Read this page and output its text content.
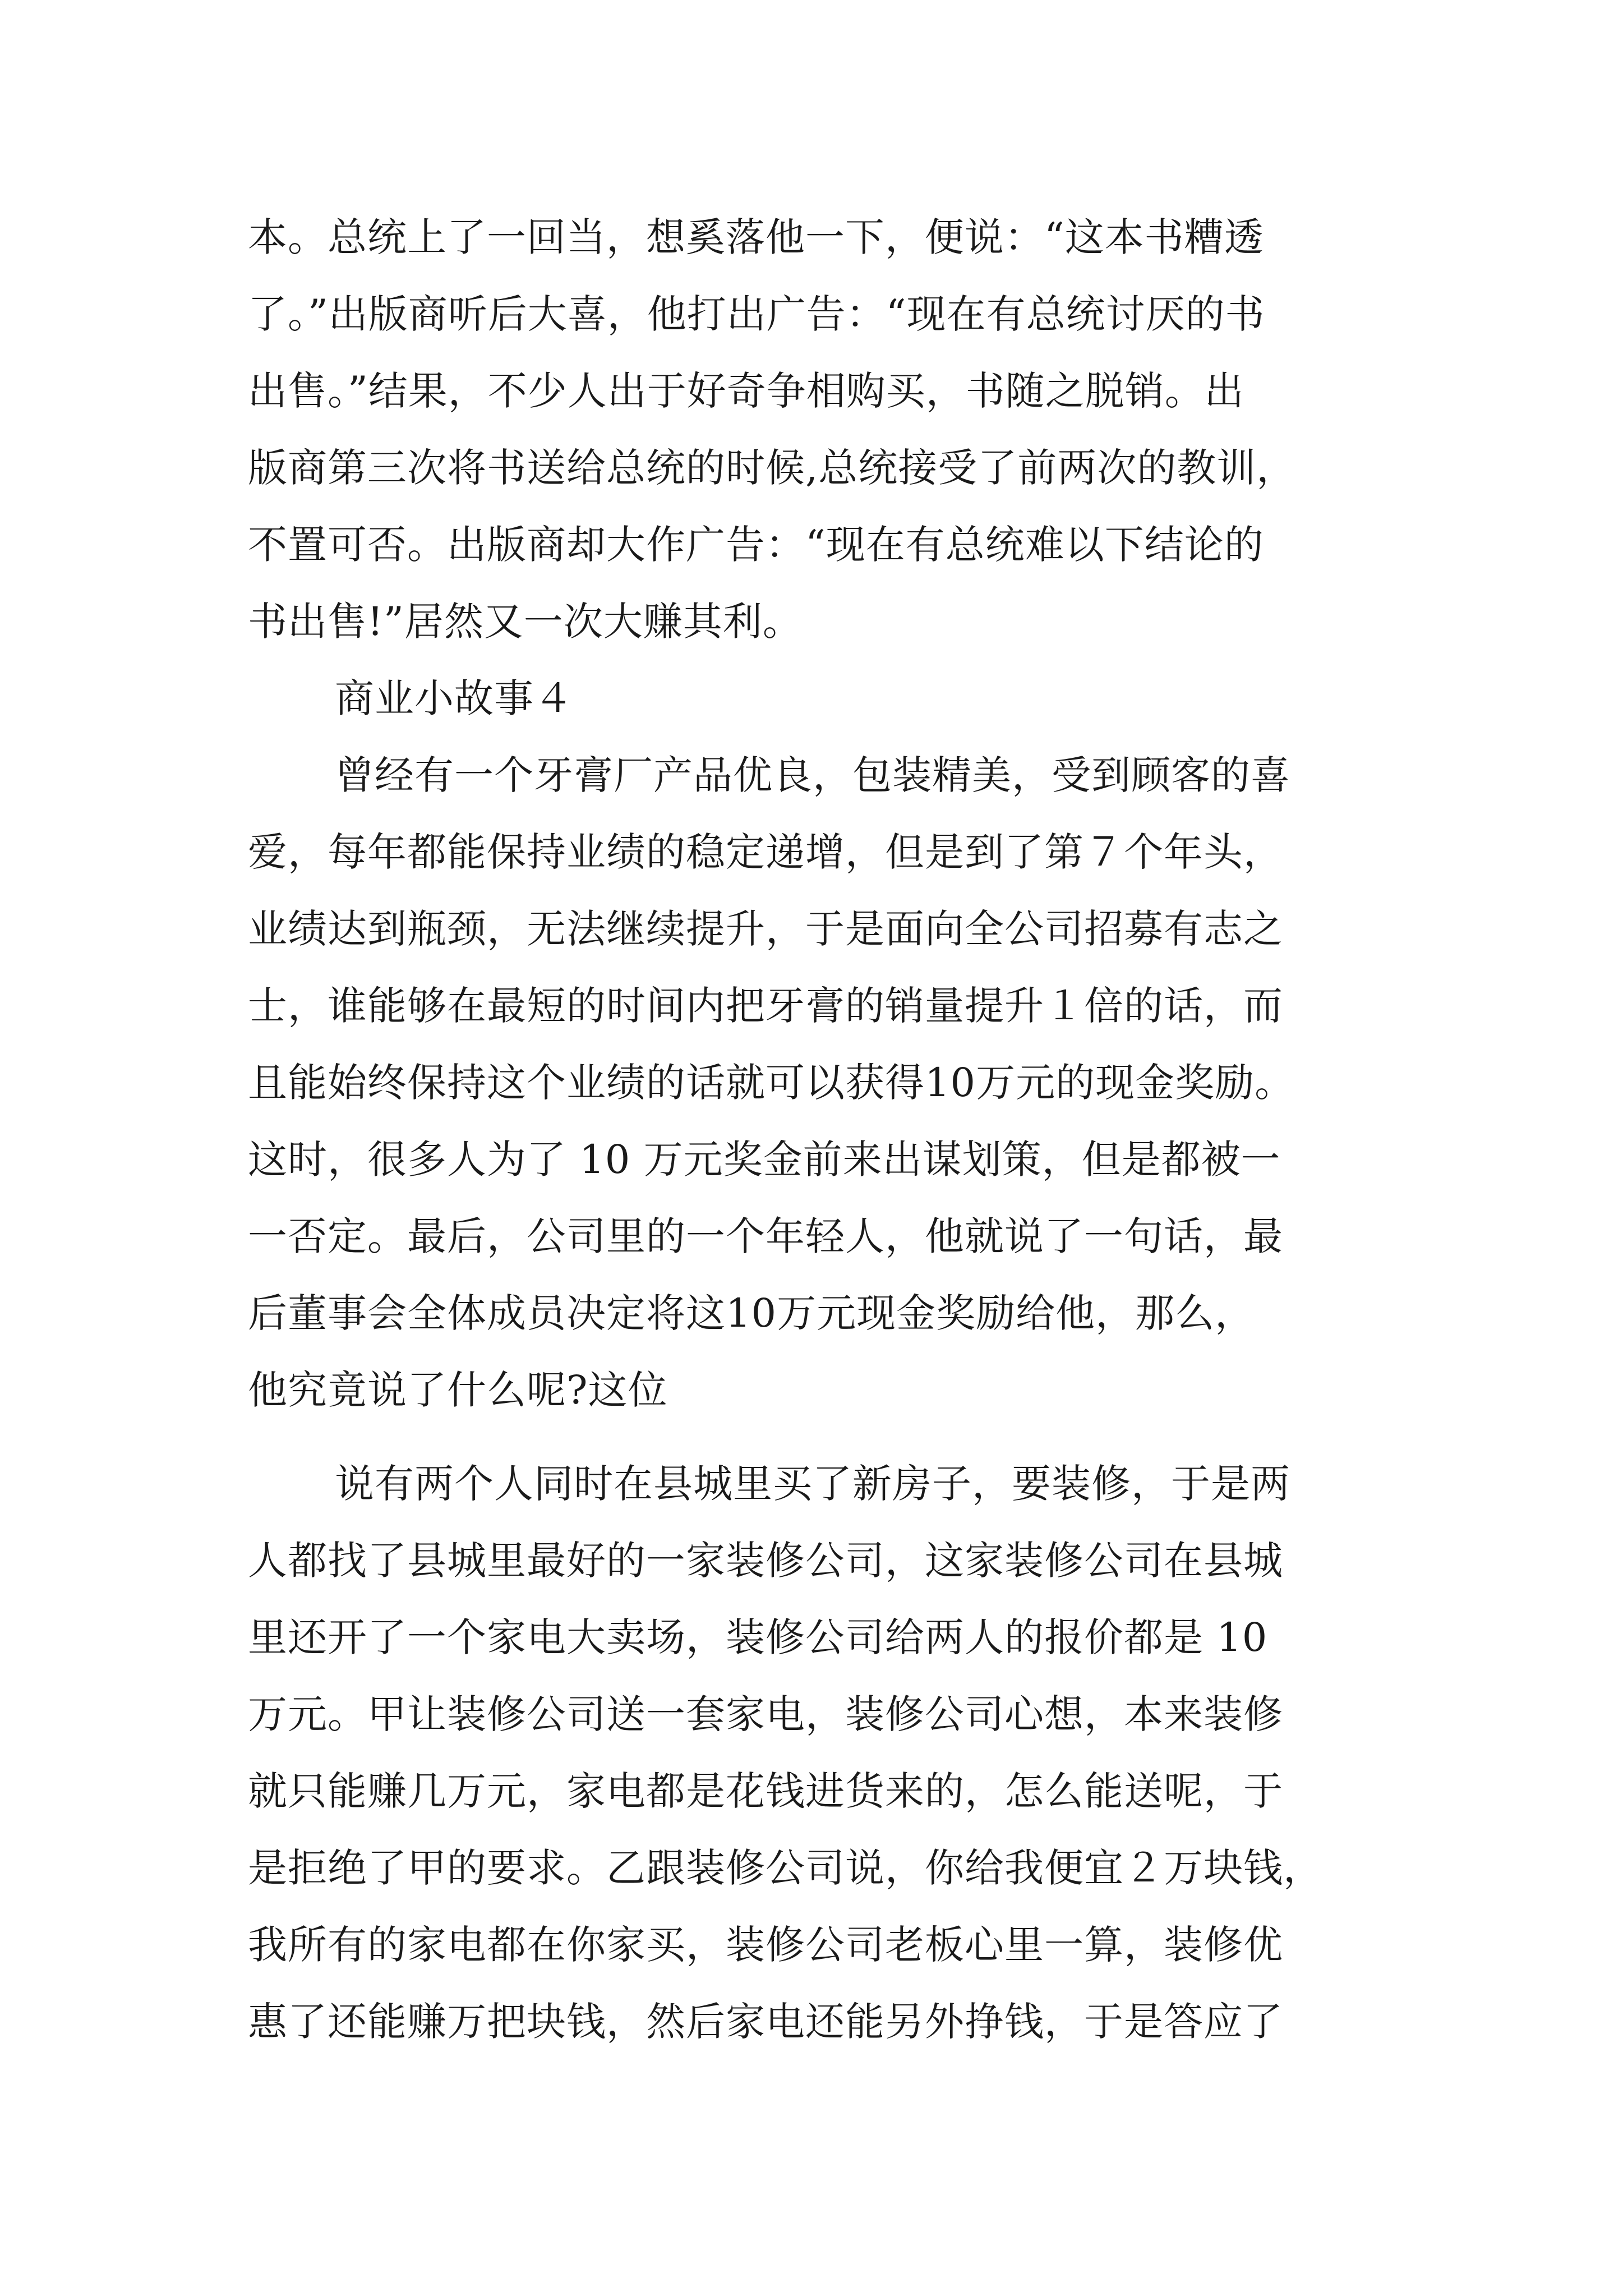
本。总统上了一回当，想奚落他一下，便说：“这本书糟透
了。”出版商听后大喜，他打出广告：“现在有总统讨厌的书
出售。”结果，不少人出于好奇争相购买，书随之脱销。出
版商第三次将书送给总统的时候,总统接受了前两次的教训，
不置可否。出版商却大作广告：“现在有总统难以下结论的
书出售!”居然又一次大赚其利。
商业小故事４
曾经有一个牙膏厂产品优良，包装精美，受到顾客的喜
爱，每年都能保持业绩的稳定递增，但是到了第７个年头，
业绩达到瓶颈，无法继续提升，于是面向全公司招募有志之
士，谁能够在最短的时间内把牙膏的销量提升１倍的话，而
且能始终保持这个业绩的话就可以获得10万元的现金奖励。
这时，很多人为了 10 万元奖金前来出谋划策，但是都被一
一否定。最后，公司里的一个年轻人，他就说了一句话，最
后董事会全体成员决定将这10万元现金奖励给他，那么，
他究竟说了什么呢?这位
说有两个人同时在县城里买了新房子，要装修，于是两
人都找了县城里最好的一家装修公司，这家装修公司在县城
里还开了一个家电大卖场，装修公司给两人的报价都是 10
万元。甲让装修公司送一套家电，装修公司心想，本来装修
就只能赚几万元，家电都是花钱进货来的，怎么能送呢，于
是拒绝了甲的要求。乙跟装修公司说，你给我便宜２万块钱，
我所有的家电都在你家买，装修公司老板心里一算，装修优
惠了还能赚万把块钱，然后家电还能另外挣钱，于是答应了
